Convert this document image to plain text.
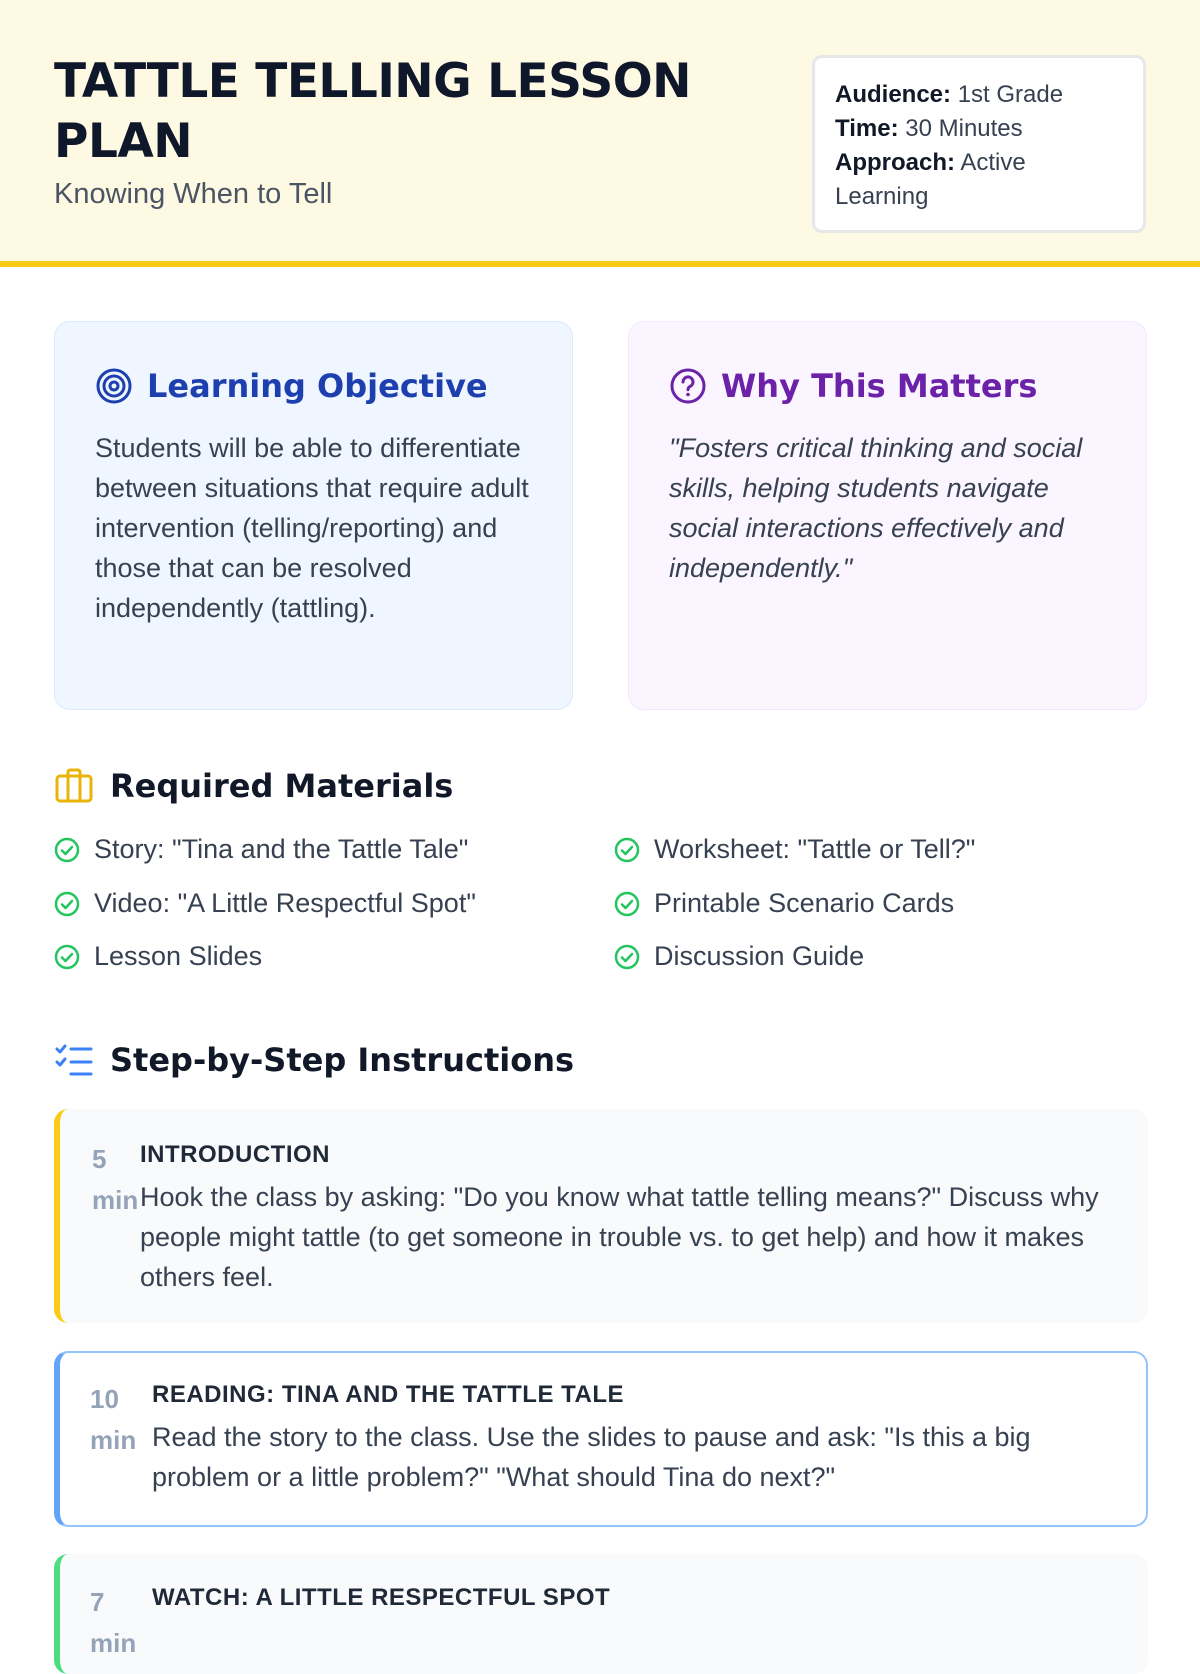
TATTLE TELLING LESSON PLAN
Knowing When to Tell
Audience: 1st Grade
Time: 30 Minutes
Approach: Active Learning
Learning Objective

Students will be able to differentiate between situations that require adult intervention (telling/reporting) and those that can be resolved independently (tattling).

Why This Matters

"Fosters critical thinking and social skills, helping students navigate social interactions effectively and independently."

Required Materials
Story: "Tina and the Tattle Tale"	Worksheet: "Tattle or Tell?"
Video: "A Little Respectful Spot"	Printable Scenario Cards
Lesson Slides	Discussion Guide
Step-by-Step Instructions
5
min
INTRODUCTION

Hook the class by asking: "Do you know what tattle telling means?" Discuss why people might tattle (to get someone in trouble vs. to get help) and how it makes others feel.

10
min
READING: TINA AND THE TATTLE TALE

Read the story to the class. Use the slides to pause and ask: "Is this a big problem or a little problem?" "What should Tina do next?"

7
min
WATCH: A LITTLE RESPECTFUL SPOT
